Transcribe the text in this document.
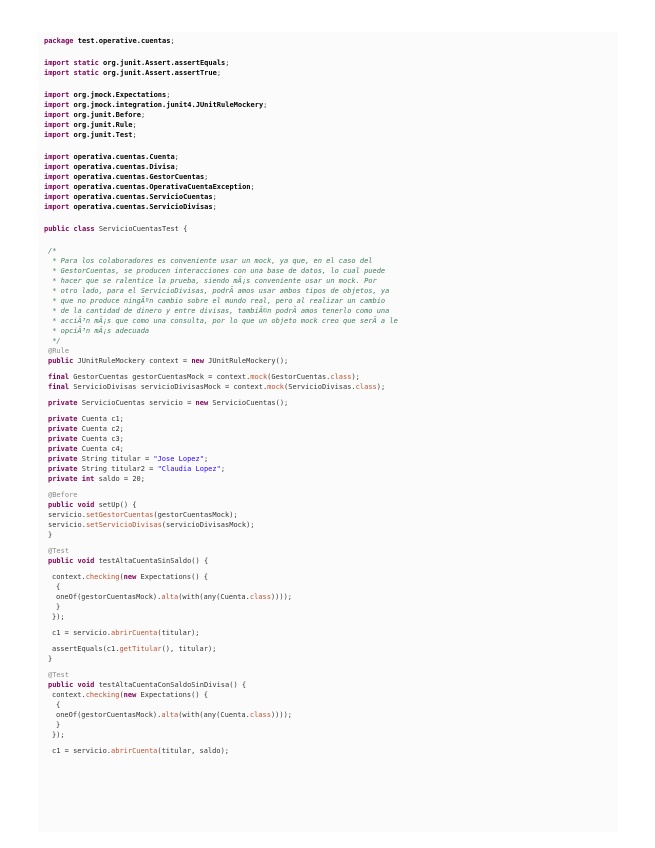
package test.operative.cuentas;
import static org.junit.Assert.assertEquals;
import static org.junit.Assert.assertTrue;
import org.jmock.Expectations;
import org.jmock.integration.junit4.JUnitRuleMockery;
import org.junit.Before;
import org.junit.Rule;
import org.junit.Test;
import operativa.cuentas.Cuenta;
import operativa.cuentas.Divisa;
import operativa.cuentas.GestorCuentas;
import operativa.cuentas.OperativaCuentaException;
import operativa.cuentas.ServicioCuentas;
import operativa.cuentas.ServicioDivisas;
public class ServicioCuentasTest {
/*
* Para los colaboradores es conveniente usar un mock, ya que, en el caso del
* GestorCuentas, se producen interacciones con una base de datos, lo cual puede
* hacer que se ralentice la prueba, siendo mÃ¡s conveniente usar un mock. Por
* otro lado, para el ServicioDivisas, podrÃ amos usar ambos tipos de objetos, ya
* que no produce ningÃºn cambio sobre el mundo real, pero al realizar un cambio
* de la cantidad de dinero y entre divisas, tambiÃ©n podrÃ amos tenerlo como una
* acciÃ³n mÃ¡s que como una consulta, por lo que un objeto mock creo que serÃ a le
* opciÃ³n mÃ¡s adecuada
*/
@Rule
public JUnitRuleMockery context = new JUnitRuleMockery();
final GestorCuentas gestorCuentasMock = context.mock(GestorCuentas.class);
final ServicioDivisas servicioDivisasMock = context.mock(ServicioDivisas.class);
private ServicioCuentas servicio = new ServicioCuentas();
private Cuenta c1;
private Cuenta c2;
private Cuenta c3;
private Cuenta c4;
private String titular = "Jose Lopez";
private String titular2 = "Claudia Lopez";
private int saldo = 20;
@Before
public void setUp() {
servicio.setGestorCuentas(gestorCuentasMock);
servicio.setServicioDivisas(servicioDivisasMock);
}
@Test
public void testAltaCuentaSinSaldo() {
context.checking(new Expectations() {
{
oneOf(gestorCuentasMock).alta(with(any(Cuenta.class))));
}
});
c1 = servicio.abrirCuenta(titular);
assertEquals(c1.getTitular(), titular);
}
@Test
public void testAltaCuentaConSaldoSinDivisa() {
context.checking(new Expectations() {
{
oneOf(gestorCuentasMock).alta(with(any(Cuenta.class))));
}
});
c1 = servicio.abrirCuenta(titular, saldo);
